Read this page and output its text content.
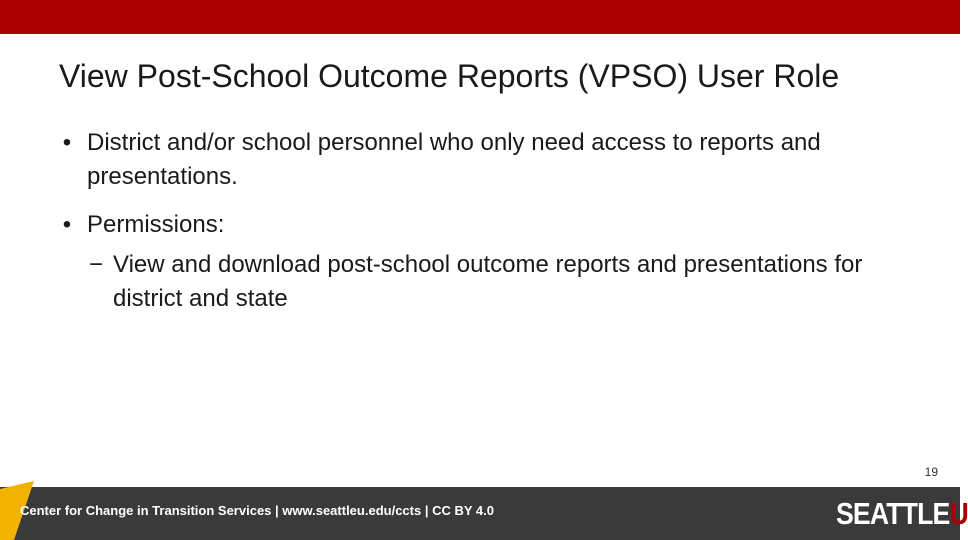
View Post-School Outcome Reports (VPSO) User Role
• District and/or school personnel who only need access to reports and presentations.
• Permissions:
− View and download post-school outcome reports and presentations for district and state
19
Center for Change in Transition Services | www.seattleu.edu/ccts | CC BY 4.0	SEATTLEU
